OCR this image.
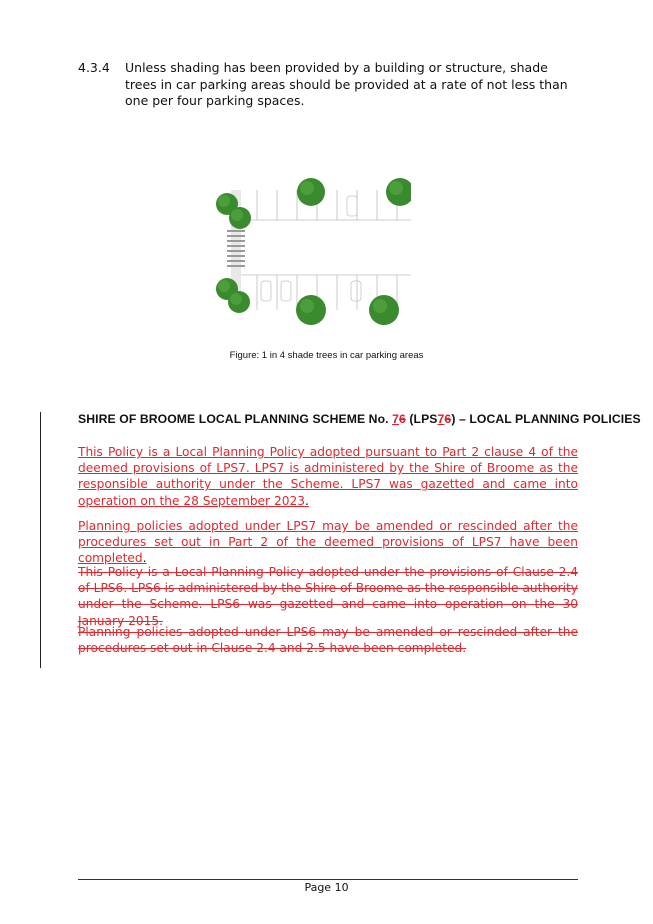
4.3.4 Unless shading has been provided by a building or structure, shade trees in car parking areas should be provided at a rate of not less than one per four parking spaces.
Figure: 1 in 4 shade trees in car parking areas
SHIRE OF BROOME LOCAL PLANNING SCHEME No. 76 (LPS76) – LOCAL PLANNING POLICIES
This Policy is a Local Planning Policy adopted pursuant to Part 2 clause 4 of the deemed provisions of LPS7. LPS7 is administered by the Shire of Broome as the responsible authority under the Scheme. LPS7 was gazetted and came into operation on the 28 September 2023.
Planning policies adopted under LPS7 may be amended or rescinded after the procedures set out in Part 2 of the deemed provisions of LPS7 have been completed.
This Policy is a Local Planning Policy adopted under the provisions of Clause 2.4 of LPS6. LPS6 is administered by the Shire of Broome as the responsible authority under the Scheme. LPS6 was gazetted and came into operation on the 30 January 2015.
Planning policies adopted under LPS6 may be amended or rescinded after the procedures set out in Clause 2.4 and 2.5 have been completed.
Page 10
